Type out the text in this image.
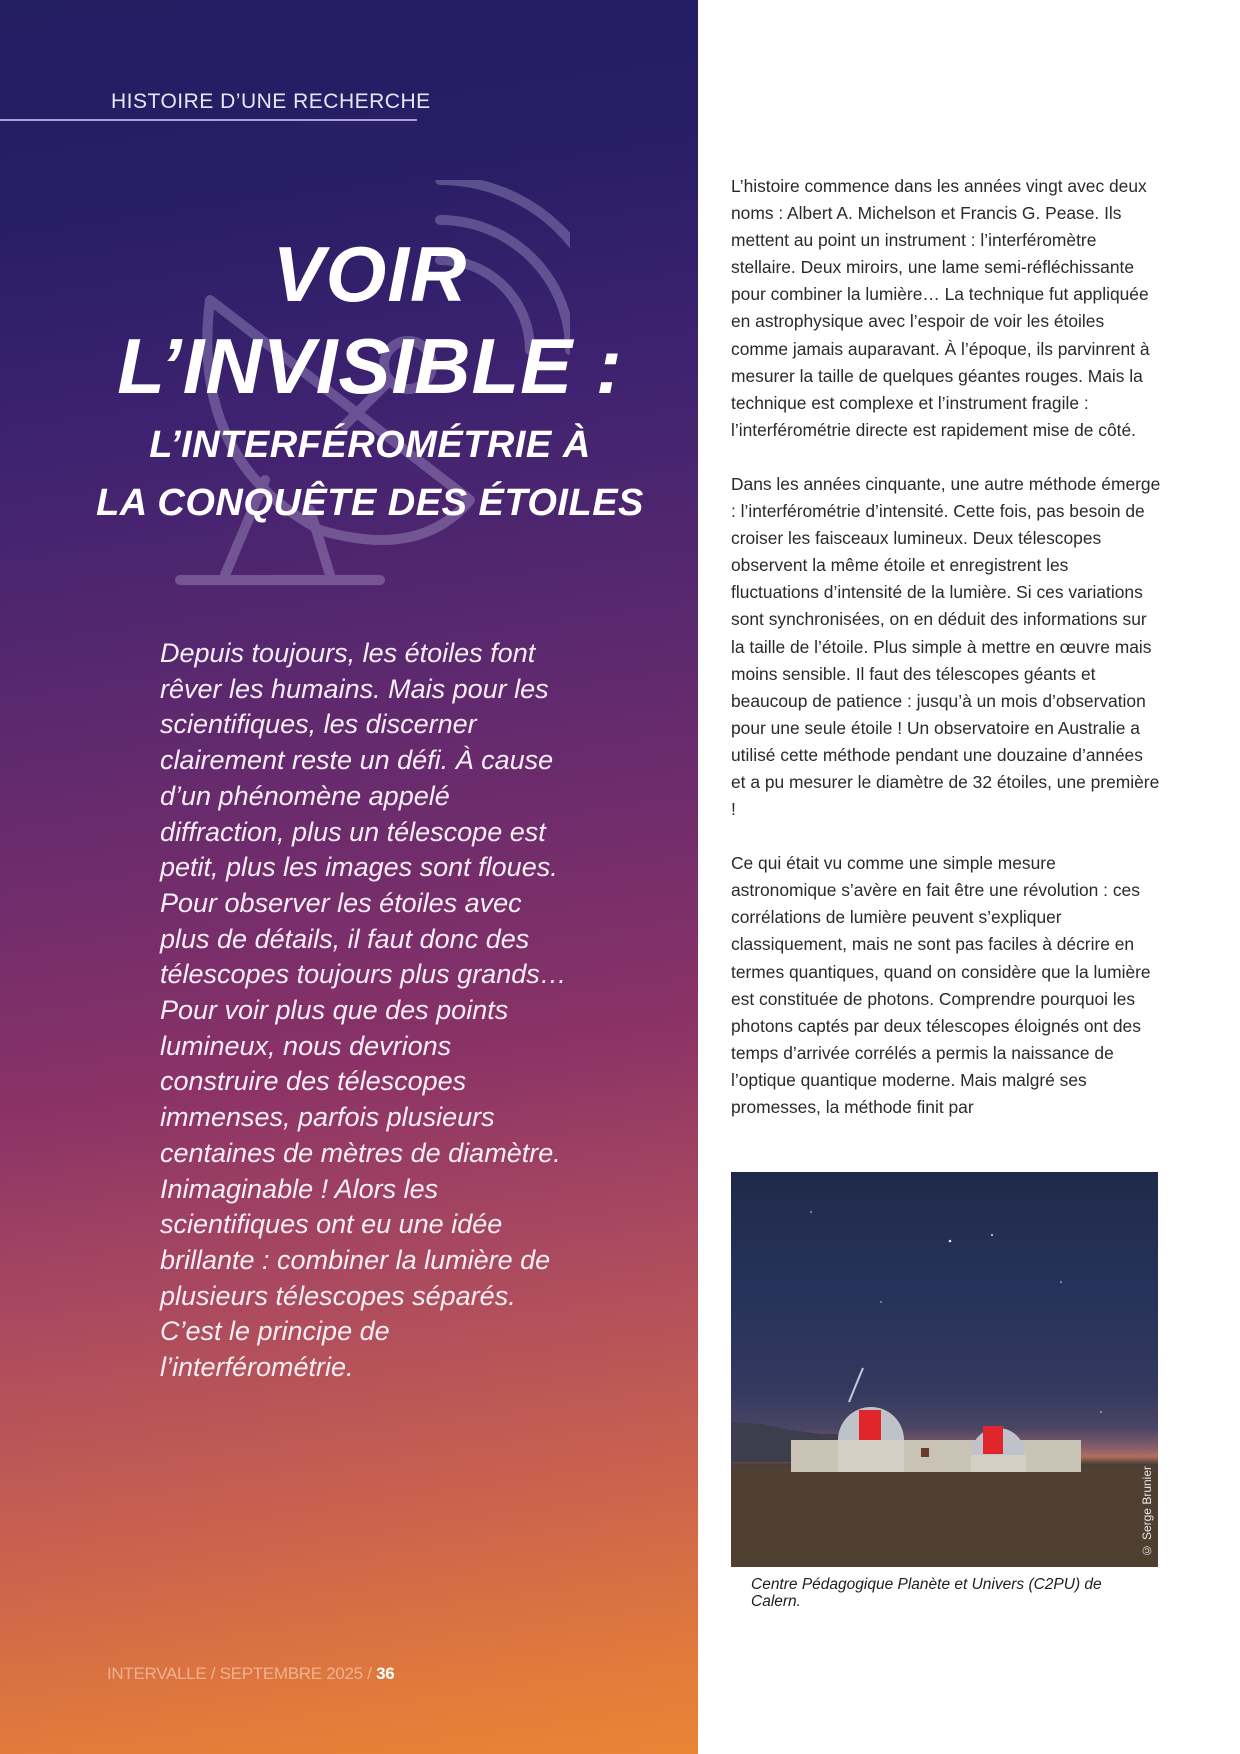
HISTOIRE D’UNE RECHERCHE
VOIR
L’INVISIBLE :
L’INTERFÉROMÉTRIE À
LA CONQUÊTE DES ÉTOILES
Depuis toujours, les étoiles font rêver les humains. Mais pour les scientifiques, les discerner clairement reste un défi. À cause d’un phénomène appelé diffraction, plus un télescope est petit, plus les images sont floues. Pour observer les étoiles avec plus de détails, il faut donc des télescopes toujours plus grands… Pour voir plus que des points lumineux, nous devrions construire des télescopes immenses, parfois plusieurs centaines de mètres de diamètre. Inimaginable ! Alors les scientifiques ont eu une idée brillante : combiner la lumière de plusieurs télescopes séparés. C’est le principe de l’interférométrie.
INTERVALLE / SEPTEMBRE 2025 / 36

L’histoire commence dans les années vingt avec deux noms : Albert A. Michelson et Francis G. Pease. Ils mettent au point un instrument : l’interféromètre stellaire. Deux miroirs, une lame semi-réfléchissante pour combiner la lumière… La technique fut appliquée en astrophysique avec l’espoir de voir les étoiles comme jamais auparavant. À l’époque, ils parvinrent à mesurer la taille de quelques géantes rouges. Mais la technique est complexe et l’instrument fragile : l’interférométrie directe est rapidement mise de côté.

Dans les années cinquante, une autre méthode émerge : l’interférométrie d’intensité. Cette fois, pas besoin de croiser les faisceaux lumineux. Deux télescopes observent la même étoile et enregistrent les fluctuations d’intensité de la lumière. Si ces variations sont synchronisées, on en déduit des informations sur la taille de l’étoile. Plus simple à mettre en œuvre mais moins sensible. Il faut des télescopes géants et beaucoup de patience : jusqu’à un mois d’observation pour une seule étoile ! Un observatoire en Australie a utilisé cette méthode pendant une douzaine d’années et a pu mesurer le diamètre de 32 étoiles, une première !

Ce qui était vu comme une simple mesure astronomique s’avère en fait être une révolution : ces corrélations de lumière peuvent s’expliquer classiquement, mais ne sont pas faciles à décrire en termes quantiques, quand on considère que la lumière est constituée de photons. Comprendre pourquoi les photons captés par deux télescopes éloignés ont des temps d’arrivée corrélés a permis la naissance de l’optique quantique moderne. Mais malgré ses promesses, la méthode finit par

© Serge Brunier
Centre Pédagogique Planète et Univers (C2PU) de Calern.
